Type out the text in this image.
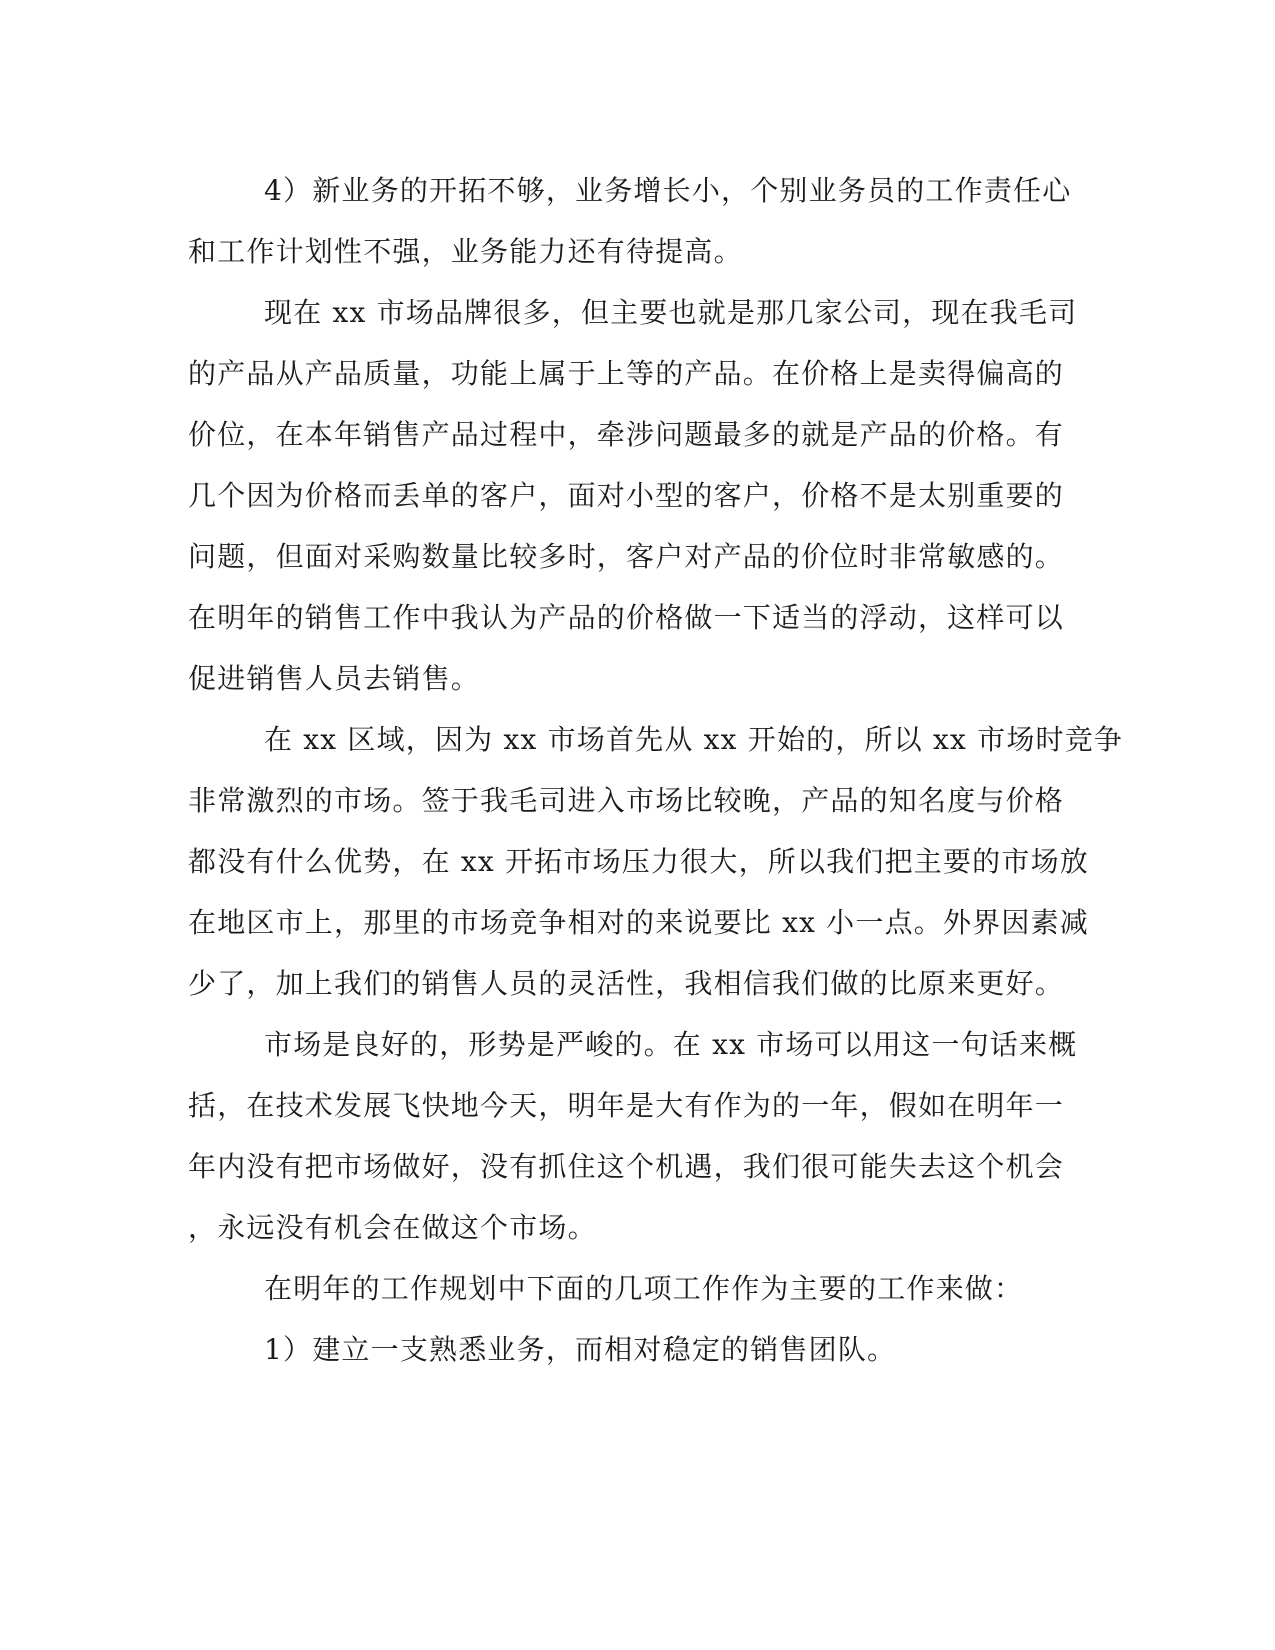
4）新业务的开拓不够，业务增长小，个别业务员的工作责任心
和工作计划性不强，业务能力还有待提高。
现在 xx 市场品牌很多，但主要也就是那几家公司，现在我毛司
的产品从产品质量，功能上属于上等的产品。在价格上是卖得偏高的
价位，在本年销售产品过程中，牵涉问题最多的就是产品的价格。有
几个因为价格而丢单的客户，面对小型的客户，价格不是太别重要的
问题，但面对采购数量比较多时，客户对产品的价位时非常敏感的。
在明年的销售工作中我认为产品的价格做一下适当的浮动，这样可以
促进销售人员去销售。
在 xx 区域，因为 xx 市场首先从 xx 开始的，所以 xx 市场时竞争
非常激烈的市场。签于我毛司进入市场比较晚，产品的知名度与价格
都没有什么优势，在 xx 开拓市场压力很大，所以我们把主要的市场放
在地区市上，那里的市场竞争相对的来说要比 xx 小一点。外界因素减
少了，加上我们的销售人员的灵活性，我相信我们做的比原来更好。
市场是良好的，形势是严峻的。在 xx 市场可以用这一句话来概
括，在技术发展飞快地今天，明年是大有作为的一年，假如在明年一
年内没有把市场做好，没有抓住这个机遇，我们很可能失去这个机会
，永远没有机会在做这个市场。
在明年的工作规划中下面的几项工作作为主要的工作来做：
1）建立一支熟悉业务，而相对稳定的销售团队。
